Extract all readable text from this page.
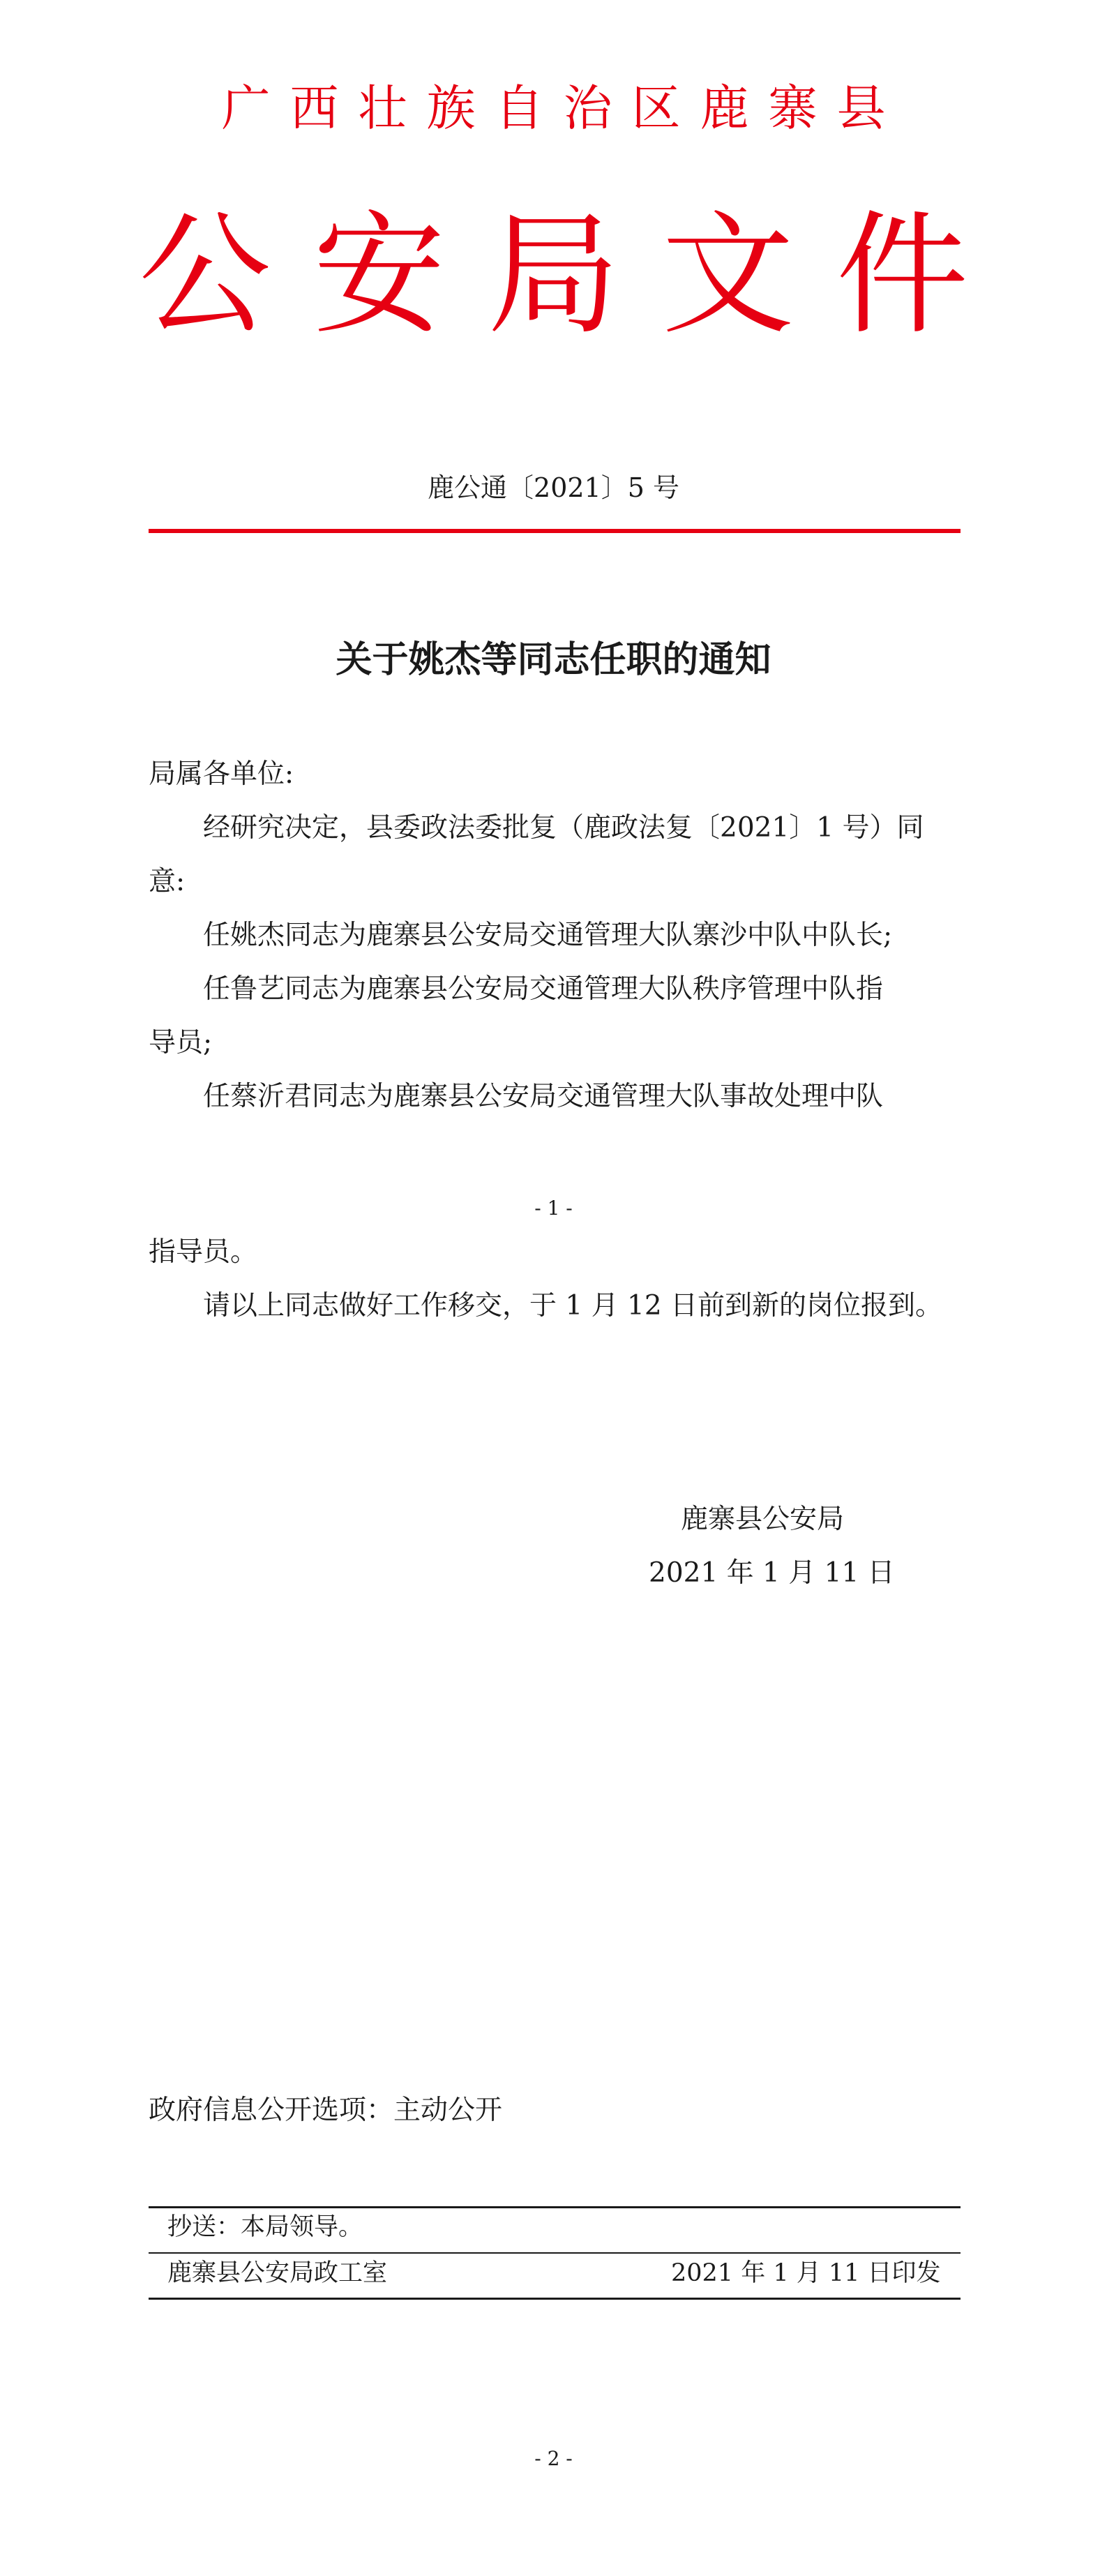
广西壮族自治区鹿寨县
公安局文件
鹿公通〔2021〕5 号
关于姚杰等同志任职的通知
局属各单位:
经研究决定，县委政法委批复（鹿政法复〔2021〕1 号）同
意:
任姚杰同志为鹿寨县公安局交通管理大队寨沙中队中队长;
任鲁艺同志为鹿寨县公安局交通管理大队秩序管理中队指
导员;
任蔡沂君同志为鹿寨县公安局交通管理大队事故处理中队
- 1 -
指导员。
请以上同志做好工作移交，于 1 月 12 日前到新的岗位报到。
鹿寨县公安局
2021 年 1 月 11 日
政府信息公开选项：主动公开
抄送：本局领导。
鹿寨县公安局政工室	2021 年 1 月 11 日印发
- 2 -
